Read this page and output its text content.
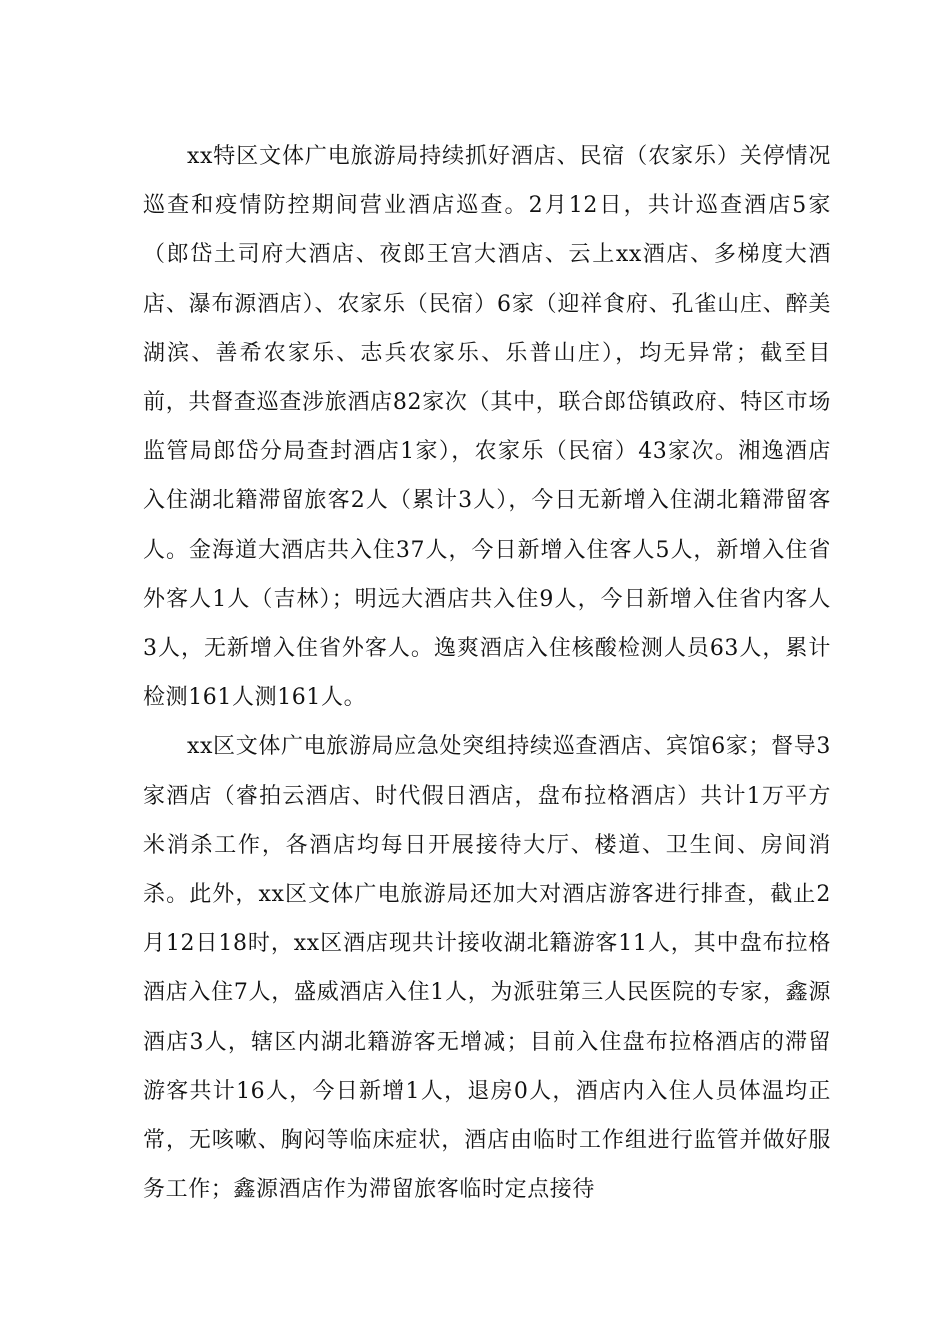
xx特区文体广电旅游局持续抓好酒店、民宿（农家乐）关停情况巡查和疫情防控期间营业酒店巡查。2月12日，共计巡查酒店5家（郎岱土司府大酒店、夜郎王宫大酒店、云上xx酒店、多梯度大酒店、瀑布源酒店）、农家乐（民宿）6家（迎祥食府、孔雀山庄、醉美湖滨、善希农家乐、志兵农家乐、乐普山庄），均无异常；截至目前，共督查巡查涉旅酒店82家次（其中，联合郎岱镇政府、特区市场监管局郎岱分局查封酒店1家），农家乐（民宿）43家次。湘逸酒店入住湖北籍滞留旅客2人（累计3人），今日无新增入住湖北籍滞留客人。金海道大酒店共入住37人，今日新增入住客人5人，新增入住省外客人1人（吉林）；明远大酒店共入住9人，今日新增入住省内客人3人，无新增入住省外客人。逸爽酒店入住核酸检测人员63人，累计检测161人测161人。

xx区文体广电旅游局应急处突组持续巡查酒店、宾馆6家；督导3家酒店（睿拍云酒店、时代假日酒店，盘布拉格酒店）共计1万平方米消杀工作，各酒店均每日开展接待大厅、楼道、卫生间、房间消杀。此外，xx区文体广电旅游局还加大对酒店游客进行排查，截止2月12日18时，xx区酒店现共计接收湖北籍游客11人，其中盘布拉格酒店入住7人，盛威酒店入住1人，为派驻第三人民医院的专家，鑫源酒店3人，辖区内湖北籍游客无增减；目前入住盘布拉格酒店的滞留游客共计16人，今日新增1人，退房0人，酒店内入住人员体温均正常，无咳嗽、胸闷等临床症状，酒店由临时工作组进行监管并做好服务工作；鑫源酒店作为滞留旅客临时定点接待
